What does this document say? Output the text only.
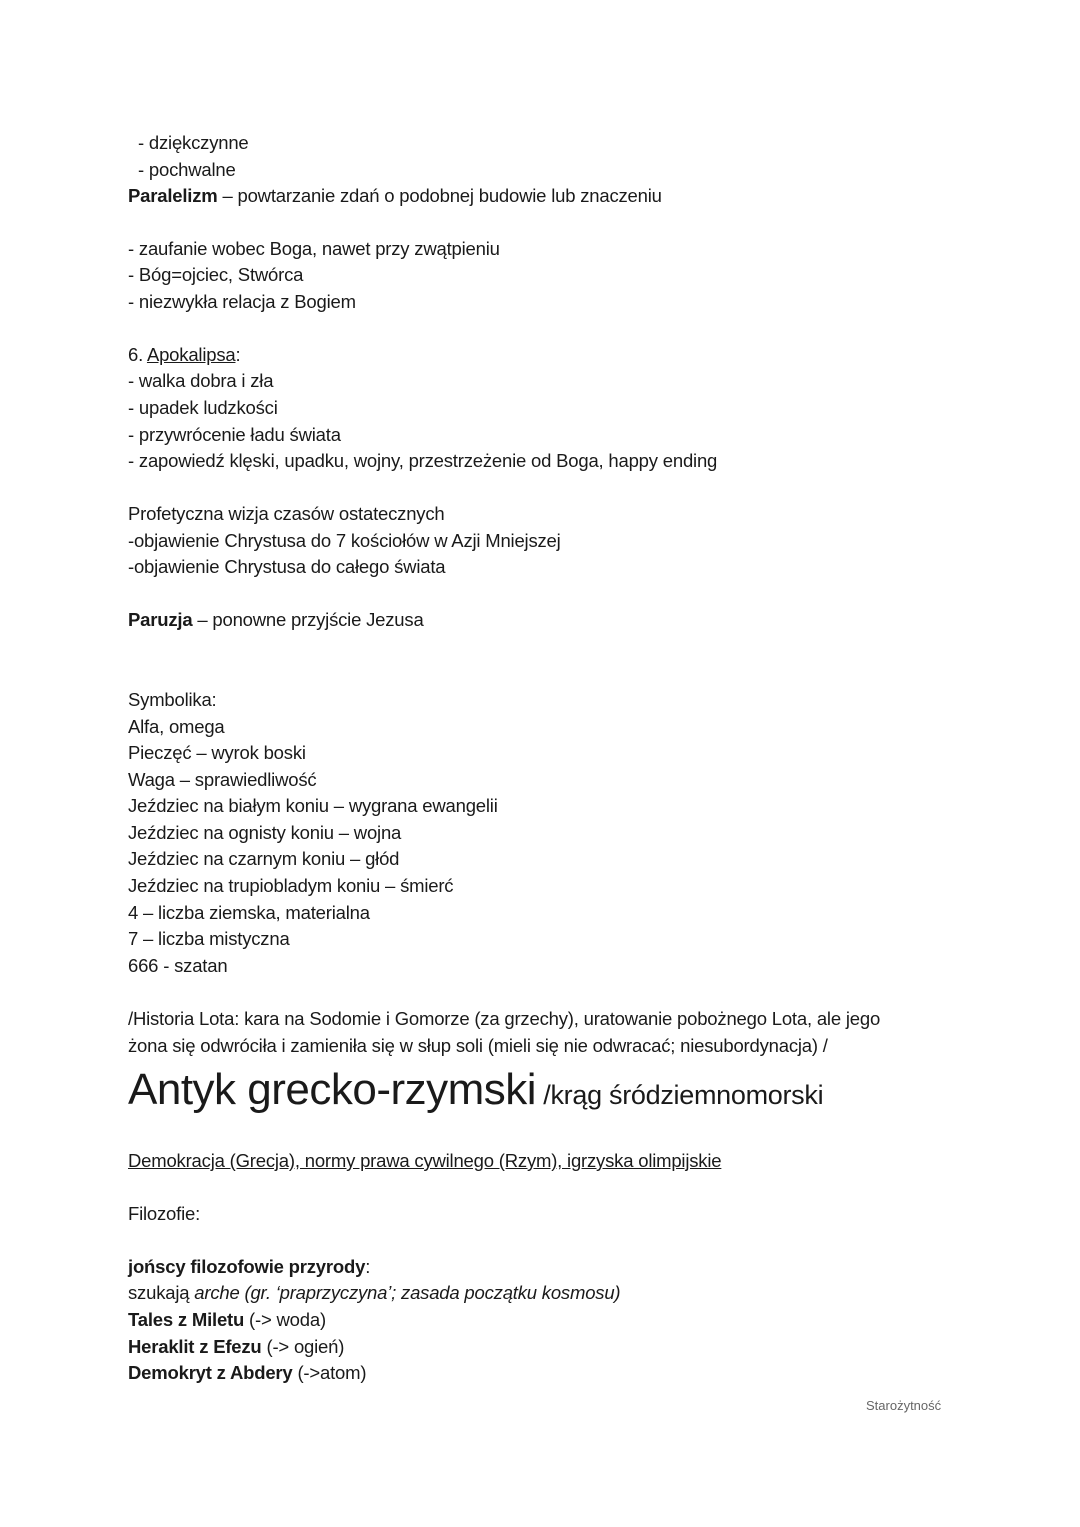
- dziękczynne
- pochwalne
Paralelizm – powtarzanie zdań o podobnej budowie lub znaczeniu
- zaufanie wobec Boga, nawet przy zwątpieniu
- Bóg=ojciec, Stwórca
- niezwykła relacja z Bogiem
6. Apokalipsa:
- walka dobra i zła
- upadek ludzkości
- przywrócenie ładu świata
- zapowiedź klęski, upadku, wojny, przestrzeżenie od Boga, happy ending
Profetyczna wizja czasów ostatecznych
-objawienie Chrystusa do 7 kościołów w Azji Mniejszej
-objawienie Chrystusa do całego świata
Paruzja – ponowne przyjście Jezusa
Symbolika:
Alfa, omega
Pieczęć – wyrok boski
Waga – sprawiedliwość
Jeździec na białym koniu – wygrana ewangelii
Jeździec na ognisty koniu – wojna
Jeździec na czarnym koniu – głód
Jeździec na trupiobladym koniu – śmierć
4 – liczba ziemska, materialna
7 – liczba mistyczna
666 - szatan
/Historia Lota: kara na Sodomie i Gomorze (za grzechy), uratowanie pobożnego Lota, ale jego
żona się odwróciła i zamieniła się w słup soli (mieli się nie odwracać; niesubordynacja) /
Antyk grecko-rzymski /krąg śródziemnomorski
Demokracja (Grecja), normy prawa cywilnego (Rzym), igrzyska olimpijskie
Filozofie:
jońscy filozofowie przyrody:
szukają arche (gr. ‘praprzyczyna’; zasada początku kosmosu)
Tales z Miletu (-> woda)
Heraklit z Efezu (-> ogień)
Demokryt z Abdery (->atom)
Starożytność
